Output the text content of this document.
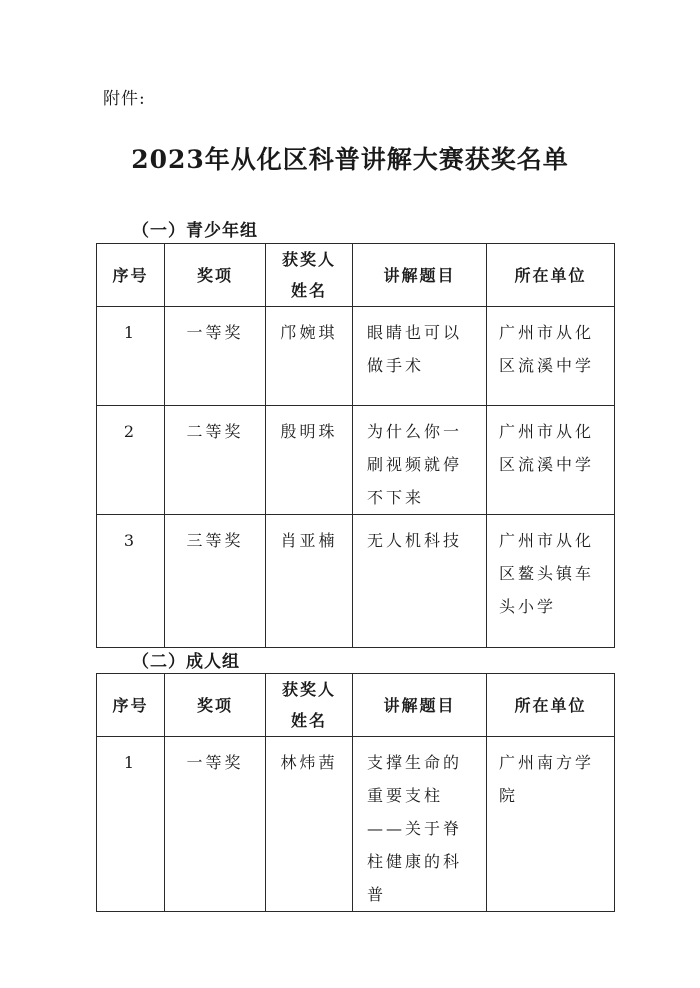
附件:
2023年从化区科普讲解大赛获奖名单
（一）青少年组
序号	奖项	获奖人姓名	讲解题目	所在单位

1	一等奖	邝婉琪	眼睛也可以做手术	广州市从化区流溪中学

2	二等奖	殷明珠	为什么你一刷视频就停不下来	广州市从化区流溪中学

3	三等奖	肖亚楠	无人机科技	广州市从化区鳌头镇车头小学
（二）成人组
序号	奖项	获奖人姓名	讲解题目	所在单位

1	一等奖	林炜茜	支撑生命的重要支柱——关于脊柱健康的科普	广州南方学院
